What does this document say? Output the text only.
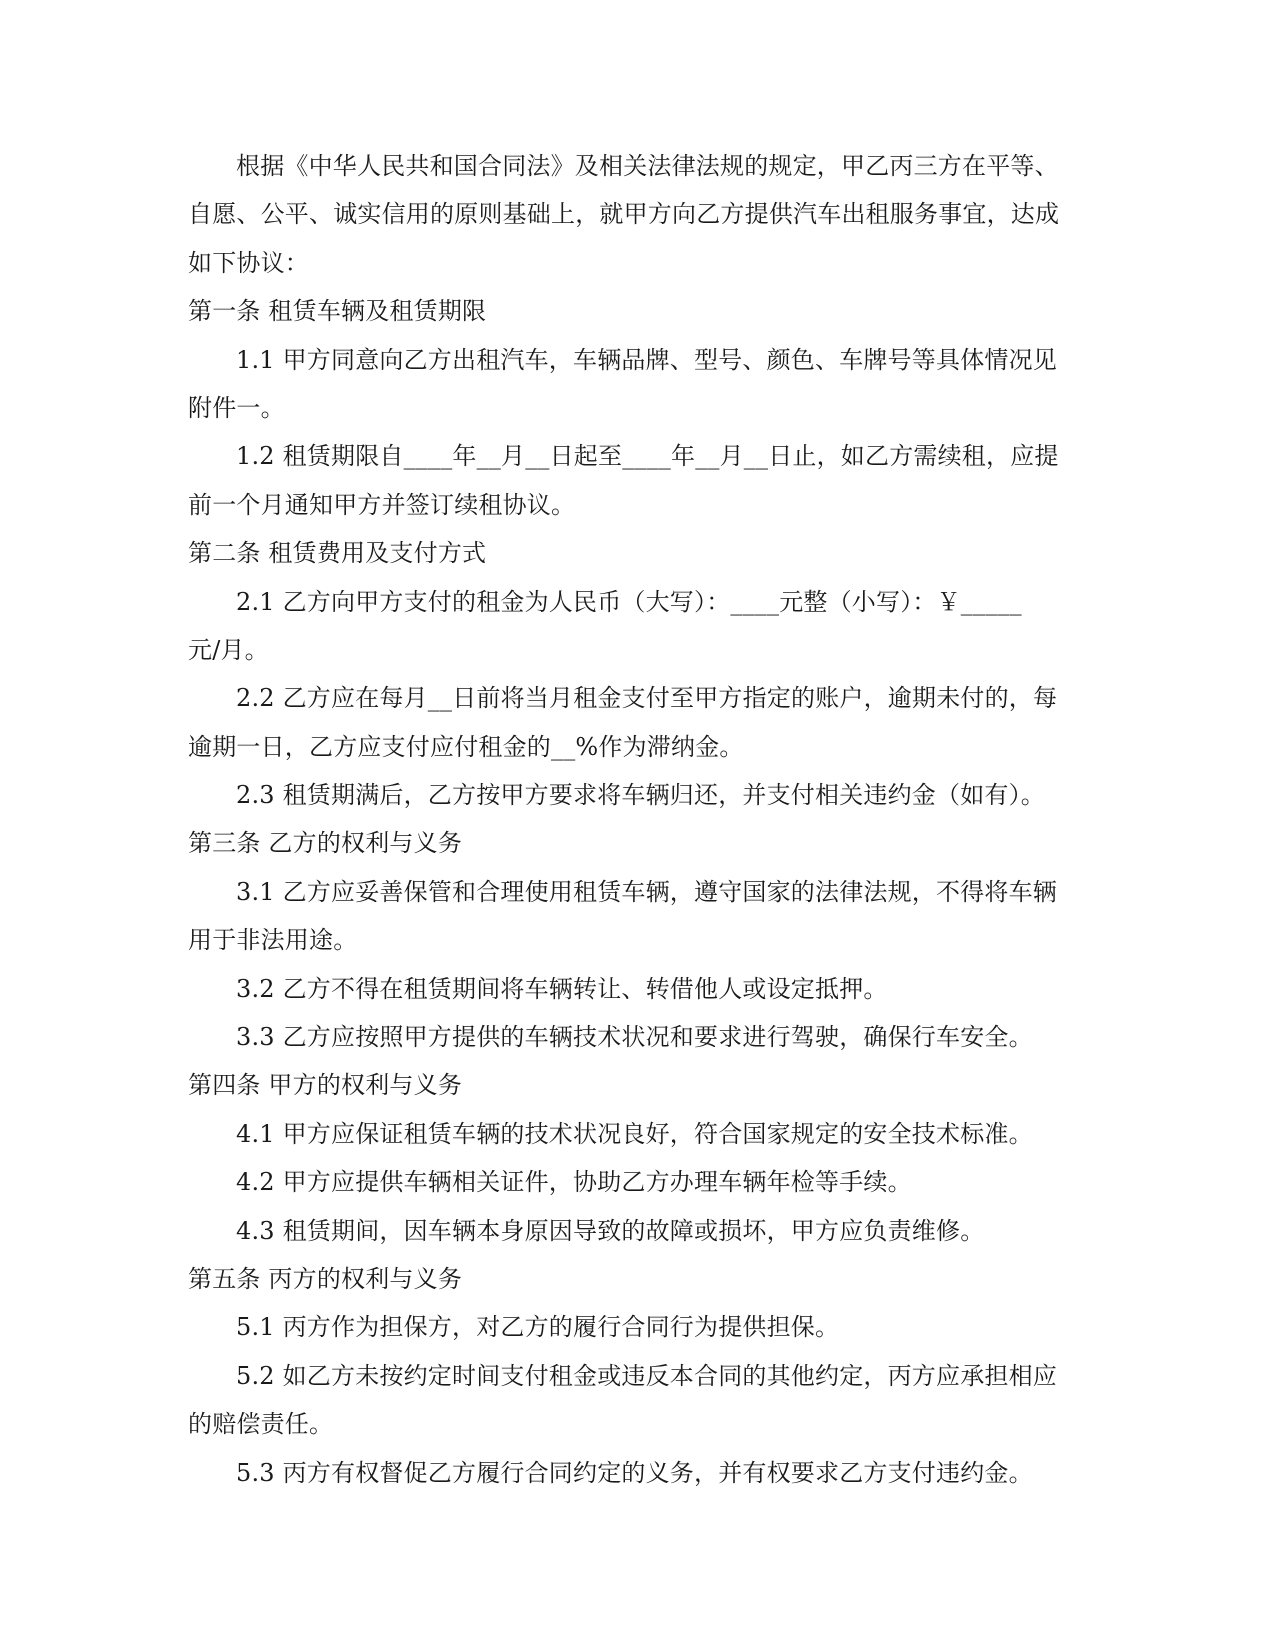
根据《中华人民共和国合同法》及相关法律法规的规定，甲乙丙三方在平等、
自愿、公平、诚实信用的原则基础上，就甲方向乙方提供汽车出租服务事宜，达成
如下协议：
第一条 租赁车辆及租赁期限
1.1 甲方同意向乙方出租汽车，车辆品牌、型号、颜色、车牌号等具体情况见
附件一。
1.2 租赁期限自____年__月__日起至____年__月__日止，如乙方需续租，应提
前一个月通知甲方并签订续租协议。
第二条 租赁费用及支付方式
2.1 乙方向甲方支付的租金为人民币（大写）：____元整（小写）：￥_____
元/月。
2.2 乙方应在每月__日前将当月租金支付至甲方指定的账户，逾期未付的，每
逾期一日，乙方应支付应付租金的__%作为滞纳金。
2.3 租赁期满后，乙方按甲方要求将车辆归还，并支付相关违约金（如有）。
第三条 乙方的权利与义务
3.1 乙方应妥善保管和合理使用租赁车辆，遵守国家的法律法规，不得将车辆
用于非法用途。
3.2 乙方不得在租赁期间将车辆转让、转借他人或设定抵押。
3.3 乙方应按照甲方提供的车辆技术状况和要求进行驾驶，确保行车安全。
第四条 甲方的权利与义务
4.1 甲方应保证租赁车辆的技术状况良好，符合国家规定的安全技术标准。
4.2 甲方应提供车辆相关证件，协助乙方办理车辆年检等手续。
4.3 租赁期间，因车辆本身原因导致的故障或损坏，甲方应负责维修。
第五条 丙方的权利与义务
5.1 丙方作为担保方，对乙方的履行合同行为提供担保。
5.2 如乙方未按约定时间支付租金或违反本合同的其他约定，丙方应承担相应
的赔偿责任。
5.3 丙方有权督促乙方履行合同约定的义务，并有权要求乙方支付违约金。
